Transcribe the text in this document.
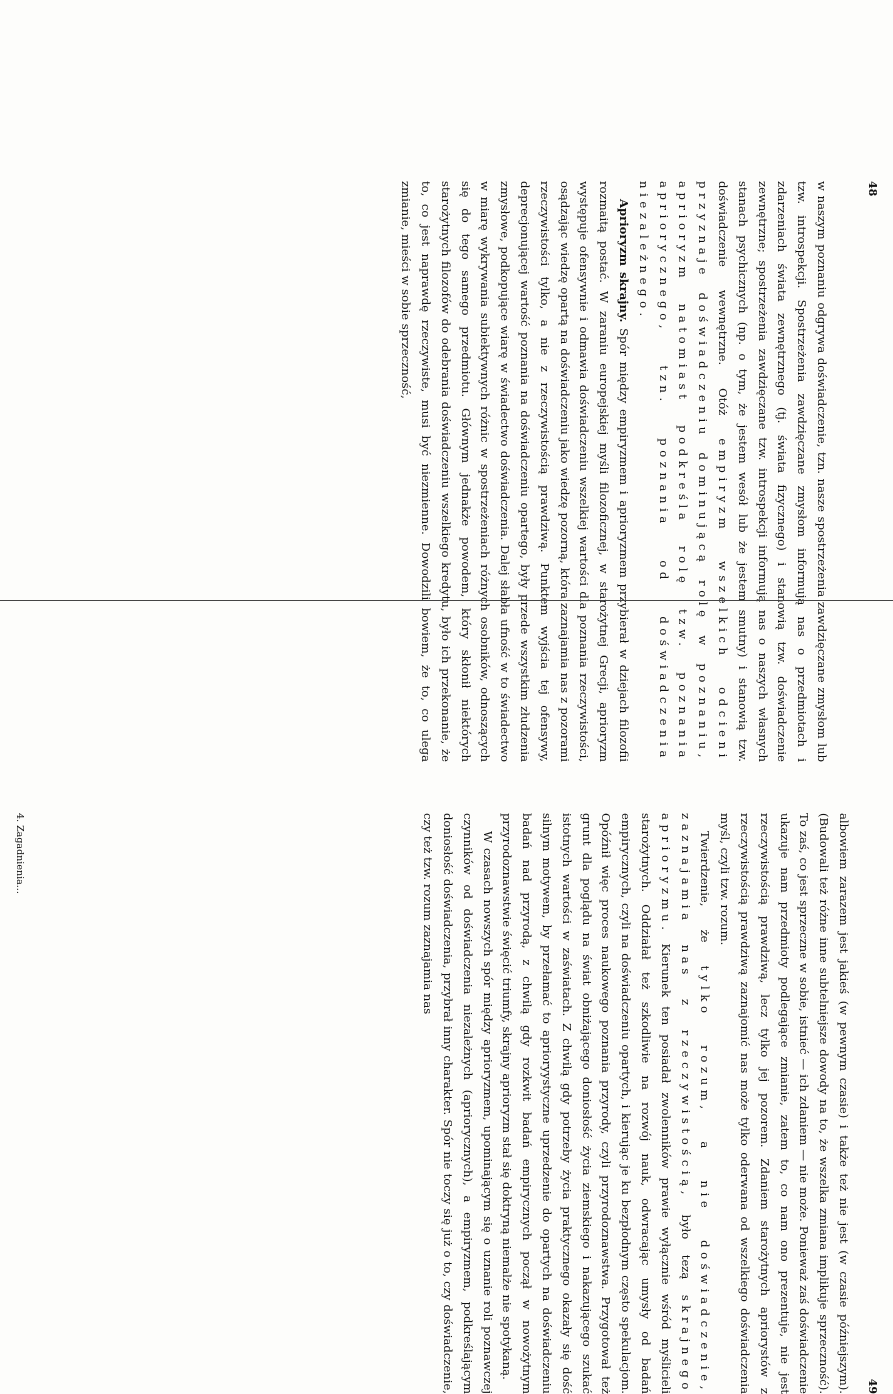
48

w naszym poznaniu odgrywa doświadczenie, tzn. nasze spostrzeżenia zawdzięczane zmysłom lub tzw. introspekcji. Spostrzeżenia zawdzięczane zmysłom informują nas o przedmiotach i zdarzeniach świata zewnętrznego (tj. świata fizycznego) i stanowią tzw. doświadczenie zewnętrzne; spostrzeżenia zawdzięczane tzw. introspekcji informują nas o naszych własnych stanach psychicznych (np. o tym, że jestem wesół lub że jestem smutny) i stanowią tzw. doświadczenie wewnętrzne. Otóż empiryzm wszelkich odcieni przyznaje doświadczeniu dominującą rolę w poznaniu, aprioryzm natomiast podkreśla rolę tzw. poznania apriorycznego, tzn. poznania od doświadczenia niezależnego.

Aprioryzm skrajny. Spór między empiryzmem i aprioryzmem przybierał w dziejach filozofii rozmaitą postać. W zaraniu europejskiej myśli filozoficznej, w starożytnej Grecji, aprioryzm występuje ofensywnie i odmawia doświadczeniu wszelkiej wartości dla poznania rzeczywistości, osądzając wiedzę opartą na doświadczeniu jako wiedzę pozorną, która zaznajamia nas z pozorami rzeczywistości tylko, a nie z rzeczywistością prawdziwą. Punktem wyjścia tej ofensywy, deprecjonującej wartość poznania na doświadczeniu opartego, były przede wszystkim złudzenia zmysłowe, podkopujące wiarę w świadectwo doświadczenia. Dalej słabła ufność w to świadectwo w miarę wykrywania subiektywnych różnic w spostrzeżeniach różnych osobników, odnoszących się do tego samego przedmiotu. Głównym jednakże powodem, który skłonił niektórych starożytnych filozofów do odebrania doświadczeniu wszelkiego kredytu, było ich przekonanie, że to, co jest naprawdę rzeczywiste, musi być niezmienne. Dowodzili bowiem, że to, co ulega zmianie, mieści w sobie sprzeczność,

49

albowiem zarazem jest jakieś (w pewnym czasie) i także też nie jest (w czasie późniejszym). (Budowali też różne inne subtelniejsze dowody na to, że wszelka zmiana implikuje sprzeczność). To zaś, co jest sprzeczne w sobie, istnieć — ich zdaniem — nie może. Ponieważ zaś doświadczenie ukazuje nam przedmioty podlegające zmianie, zatem to, co nam ono prezentuje, nie jest rzeczywistością prawdziwą, lecz tylko jej pozorem. Zdaniem starożytnych apriorystów z rzeczywistością prawdziwą zaznajomić nas może tylko oderwana od wszelkiego doświadczenia myśl, czyli tzw. rozum.

Twierdzenie, że tylko rozum, a nie doświadczenie, zaznajamia nas z rzeczywistością, było tezą skrajnego aprioryzmu. Kierunek ten posiadał zwolenników prawie wyłącznie wśród myślicieli starożytnych. Oddziałał też szkodliwie na rozwój nauk, odwracając umysły od badań empirycznych, czyli na doświadczeniu opartych, i kierując je ku bezpłodnym często spekulacjom. Opóźnił więc proces naukowego poznania przyrody, czyli przyrodoznawstwa. Przygotował też grunt dla poglądu na świat obniżającego doniosłość życia ziemskiego i nakazującego szukać istotnych wartości w zaświatach. Z chwilą gdy potrzeby życia praktycznego okazały się dość silnym motywem, by przełamać to aprioryystyczne uprzedzenie do opartych na doświadczeniu badań nad przyrodą, z chwilą gdy rozkwit badań empirycznych począł w nowożytnym przyrodoznawstwie święcić triumfy, skrajny aprioryzm stał się doktryną niemalże nie spotykaną.

W czasach nowszych spór między aprioryzmem, upominającym się o uznanie roli poznawczej czynników od doświadczenia niezależnych (apriorycznych), a empiryzmem, podkreślającym doniosłość doświadczenia, przybrał inny charakter. Spór nie toczy się już o to, czy doświadczenie, czy też tzw. rozum zaznajamia nas

4. Zagadnienia...
